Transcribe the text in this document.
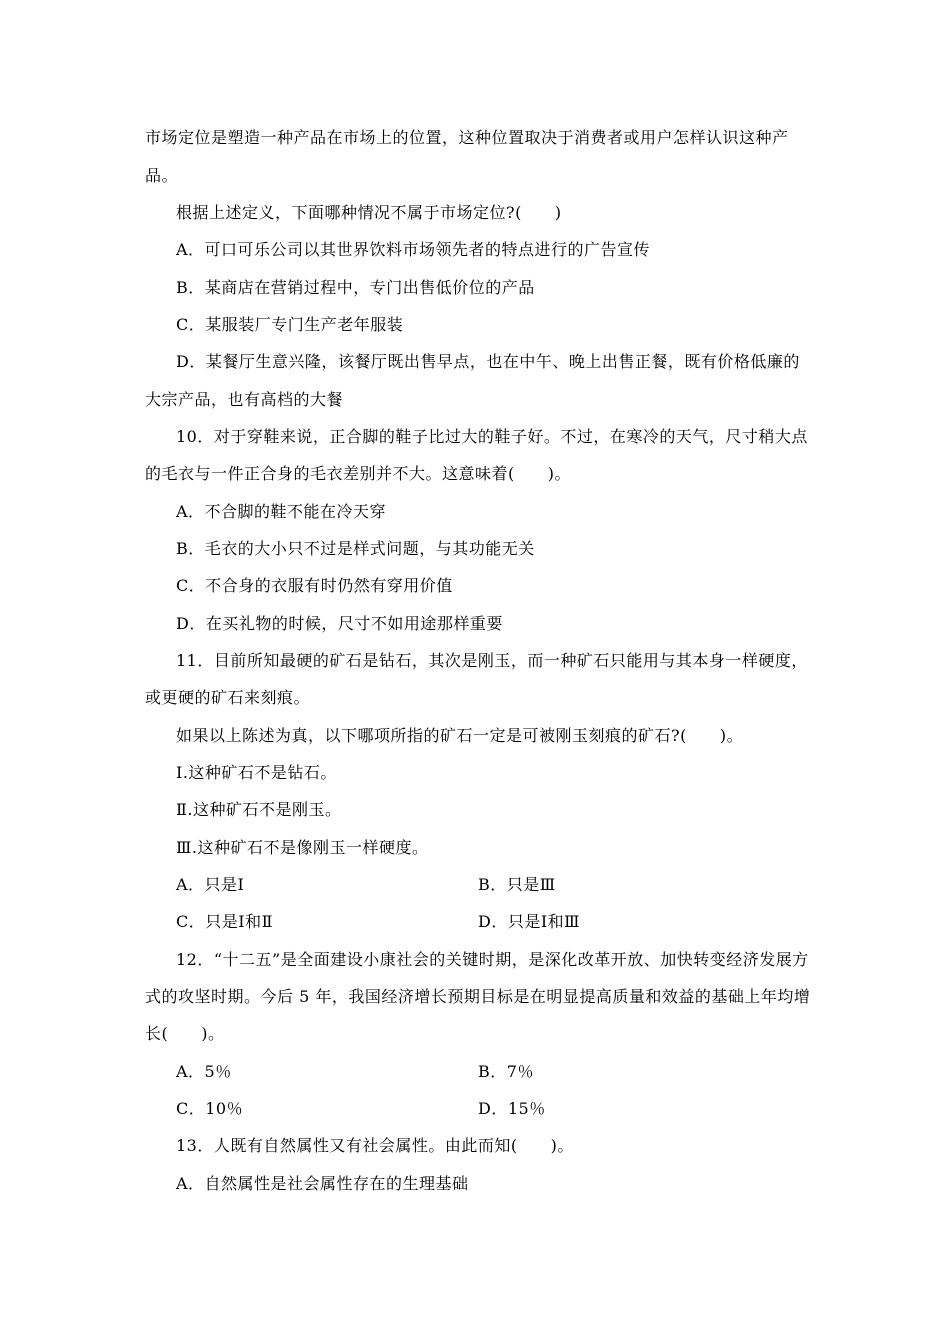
市场定位是塑造一种产品在市场上的位置，这种位置取决于消费者或用户怎样认识这种产
品。
根据上述定义，下面哪种情况不属于市场定位?(　　)
A．可口可乐公司以其世界饮料市场领先者的特点进行的广告宣传
B．某商店在营销过程中，专门出售低价位的产品
C．某服装厂专门生产老年服装
D．某餐厅生意兴隆，该餐厅既出售早点，也在中午、晚上出售正餐，既有价格低廉的
大宗产品，也有高档的大餐
10．对于穿鞋来说，正合脚的鞋子比过大的鞋子好。不过，在寒冷的天气，尺寸稍大点
的毛衣与一件正合身的毛衣差别并不大。这意味着(　　)。
A．不合脚的鞋不能在冷天穿
B．毛衣的大小只不过是样式问题，与其功能无关
C．不合身的衣服有时仍然有穿用价值
D．在买礼物的时候，尺寸不如用途那样重要
11．目前所知最硬的矿石是钻石，其次是刚玉，而一种矿石只能用与其本身一样硬度，
或更硬的矿石来刻痕。
如果以上陈述为真，以下哪项所指的矿石一定是可被刚玉刻痕的矿石?(　　)。
Ⅰ.这种矿石不是钻石。
Ⅱ.这种矿石不是刚玉。
Ⅲ.这种矿石不是像刚玉一样硬度。
A．只是Ⅰ	B．只是Ⅲ
C．只是Ⅰ和Ⅱ	D．只是Ⅰ和Ⅲ
12．“十二五”是全面建设小康社会的关键时期，是深化改革开放、加快转变经济发展方
式的攻坚时期。今后 5 年，我国经济增长预期目标是在明显提高质量和效益的基础上年均增
长(　　)。
A．5％	B．7％
C．10％	D．15％
13．人既有自然属性又有社会属性。由此而知(　　)。
A．自然属性是社会属性存在的生理基础
